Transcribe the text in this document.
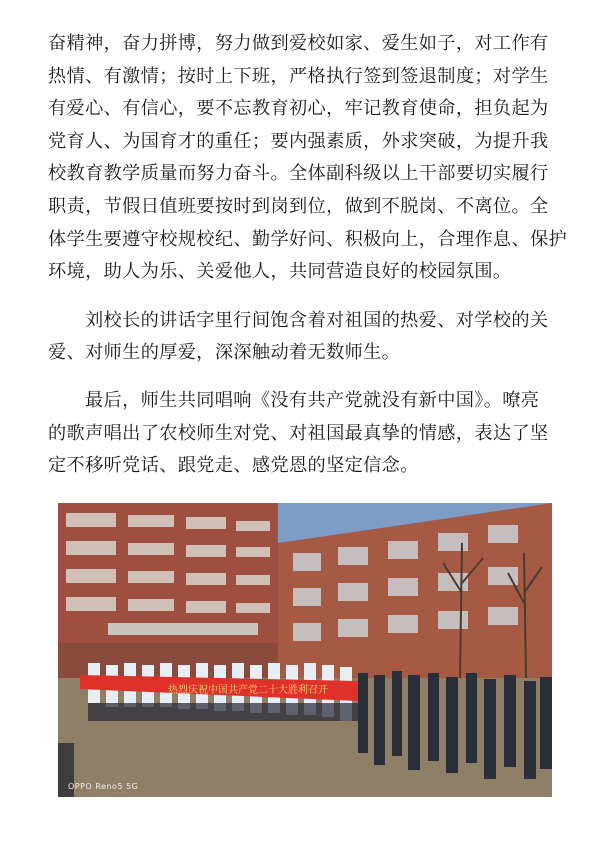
奋精神，奋力拼博，努力做到爱校如家、爱生如子，对工作有
热情、有激情；按时上下班，严格执行签到签退制度；对学生
有爱心、有信心，要不忘教育初心，牢记教育使命，担负起为
党育人、为国育才的重任；要内强素质，外求突破，为提升我
校教育教学质量而努力奋斗。全体副科级以上干部要切实履行
职责，节假日值班要按时到岗到位，做到不脱岗、不离位。全
体学生要遵守校规校纪、勤学好问、积极向上，合理作息、保护
环境，助人为乐、关爱他人，共同营造良好的校园氛围。

刘校长的讲话字里行间饱含着对祖国的热爱、对学校的关
爱、对师生的厚爱，深深触动着无数师生。

最后，师生共同唱响《没有共产党就没有新中国》。嘹亮
的歌声唱出了农校师生对党、对祖国最真挚的情感，表达了坚
定不移听党话、跟党走、感党恩的坚定信念。

热烈庆祝中国共产党二十大胜利召开
OPPO Reno5 5G
